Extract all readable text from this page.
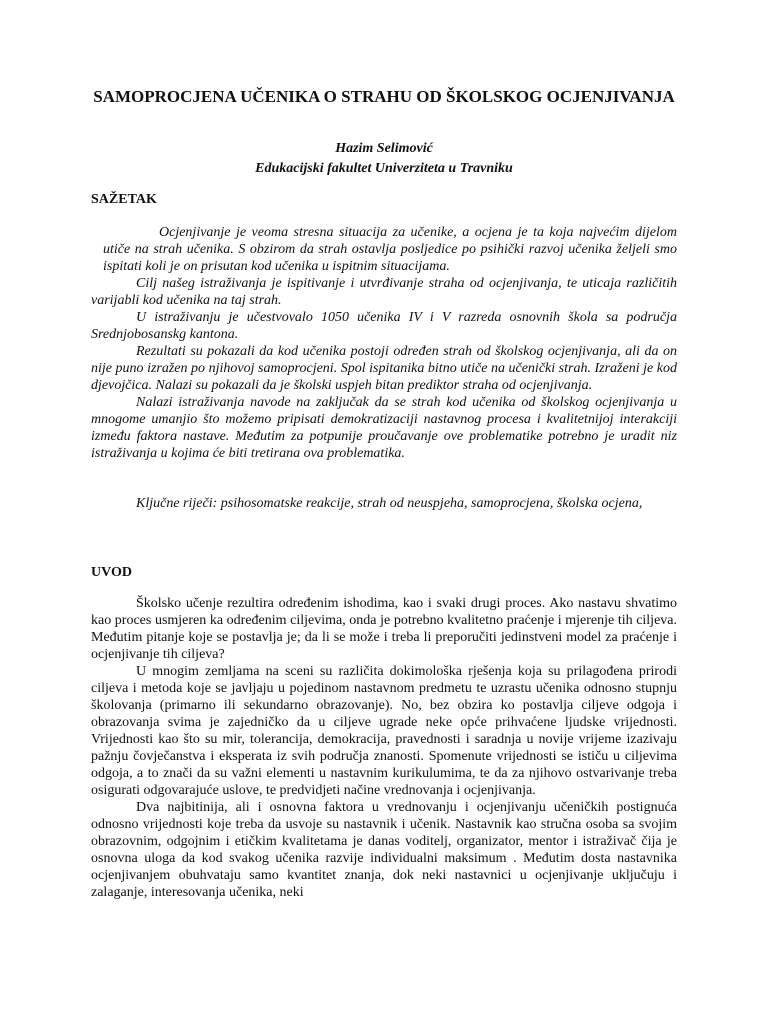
SAMOPROCJENA UČENIKA O STRAHU OD ŠKOLSKOG OCJENJIVANJA
Hazim Selimović
Edukacijski fakultet Univerziteta u Travniku
SAŽETAK

Ocjenjivanje je veoma stresna situacija za učenike, a ocjena je ta koja najvećim dijelom utiče na strah učenika. S obzirom da strah ostavlja posljedice po psihički razvoj učenika željeli smo ispitati koli je on prisutan kod učenika u ispitnim situacijama.

Cilj našeg istraživanja je ispitivanje i utvrđivanje straha od ocjenjivanja, te uticaja različitih varijabli kod učenika na taj strah.

U istraživanju je učestvovalo 1050 učenika IV i V razreda osnovnih škola sa područja Srednjobosanskg kantona.

Rezultati su pokazali da kod učenika postoji određen strah od školskog ocjenjivanja, ali da on nije puno izražen po njihovoj samoprocjeni. Spol ispitanika bitno utiče na učenički strah. Izraženi je kod djevojčica. Nalazi su pokazali da je školski uspjeh bitan prediktor straha od ocjenjivanja.

Nalazi istraživanja navode na zaključak da se strah kod učenika od školskog ocjenjivanja u mnogome umanjio što možemo pripisati demokratizaciji nastavnog procesa i kvalitetnijoj interakciji između faktora nastave. Međutim za potpunije proučavanje ove problematike potrebno je uradit niz istraživanja u kojima će biti tretirana ova problematika.

Ključne riječi: psihosomatske reakcije, strah od neuspjeha, samoprocjena, školska ocjena,

UVOD

Školsko učenje rezultira određenim ishodima, kao i svaki drugi proces. Ako nastavu shvatimo kao proces usmjeren ka određenim ciljevima, onda je potrebno kvalitetno praćenje i mjerenje tih ciljeva. Međutim pitanje koje se postavlja je; da li se može i treba li preporučiti jedinstveni model za praćenje i ocjenjivanje tih ciljeva?

U mnogim zemljama na sceni su različita dokimološka rješenja koja su prilagođena prirodi ciljeva i metoda koje se javljaju u pojedinom nastavnom predmetu te uzrastu učenika odnosno stupnju školovanja (primarno ili sekundarno obrazovanje). No, bez obzira ko postavlja ciljeve odgoja i obrazovanja svima je zajedničko da u ciljeve ugrade neke opće prihvaćene ljudske vrijednosti. Vrijednosti kao što su mir, tolerancija, demokracija, pravednosti i saradnja u novije vrijeme izazivaju pažnju čovječanstva i eksperata iz svih područja znanosti. Spomenute vrijednosti se ističu u ciljevima odgoja, a to znači da su važni elementi u nastavnim kurikulumima, te da za njihovo ostvarivanje treba osigurati odgovarajuće uslove, te predvidjeti načine vrednovanja i ocjenjivanja.

Dva najbitinija, ali i osnovna faktora u vrednovanju i ocjenjivanju učeničkih postignuća odnosno vrijednosti koje treba da usvoje su nastavnik i učenik. Nastavnik kao stručna osoba sa svojim obrazovnim, odgojnim i etičkim kvalitetama je danas voditelj, organizator, mentor i istraživač čija je osnovna uloga da kod svakog učenika razvije individualni maksimum . Međutim dosta nastavnika ocjenjivanjem obuhvataju samo kvantitet znanja, dok neki nastavnici u ocjenjivanje uključuju i zalaganje, interesovanja učenika, neki
